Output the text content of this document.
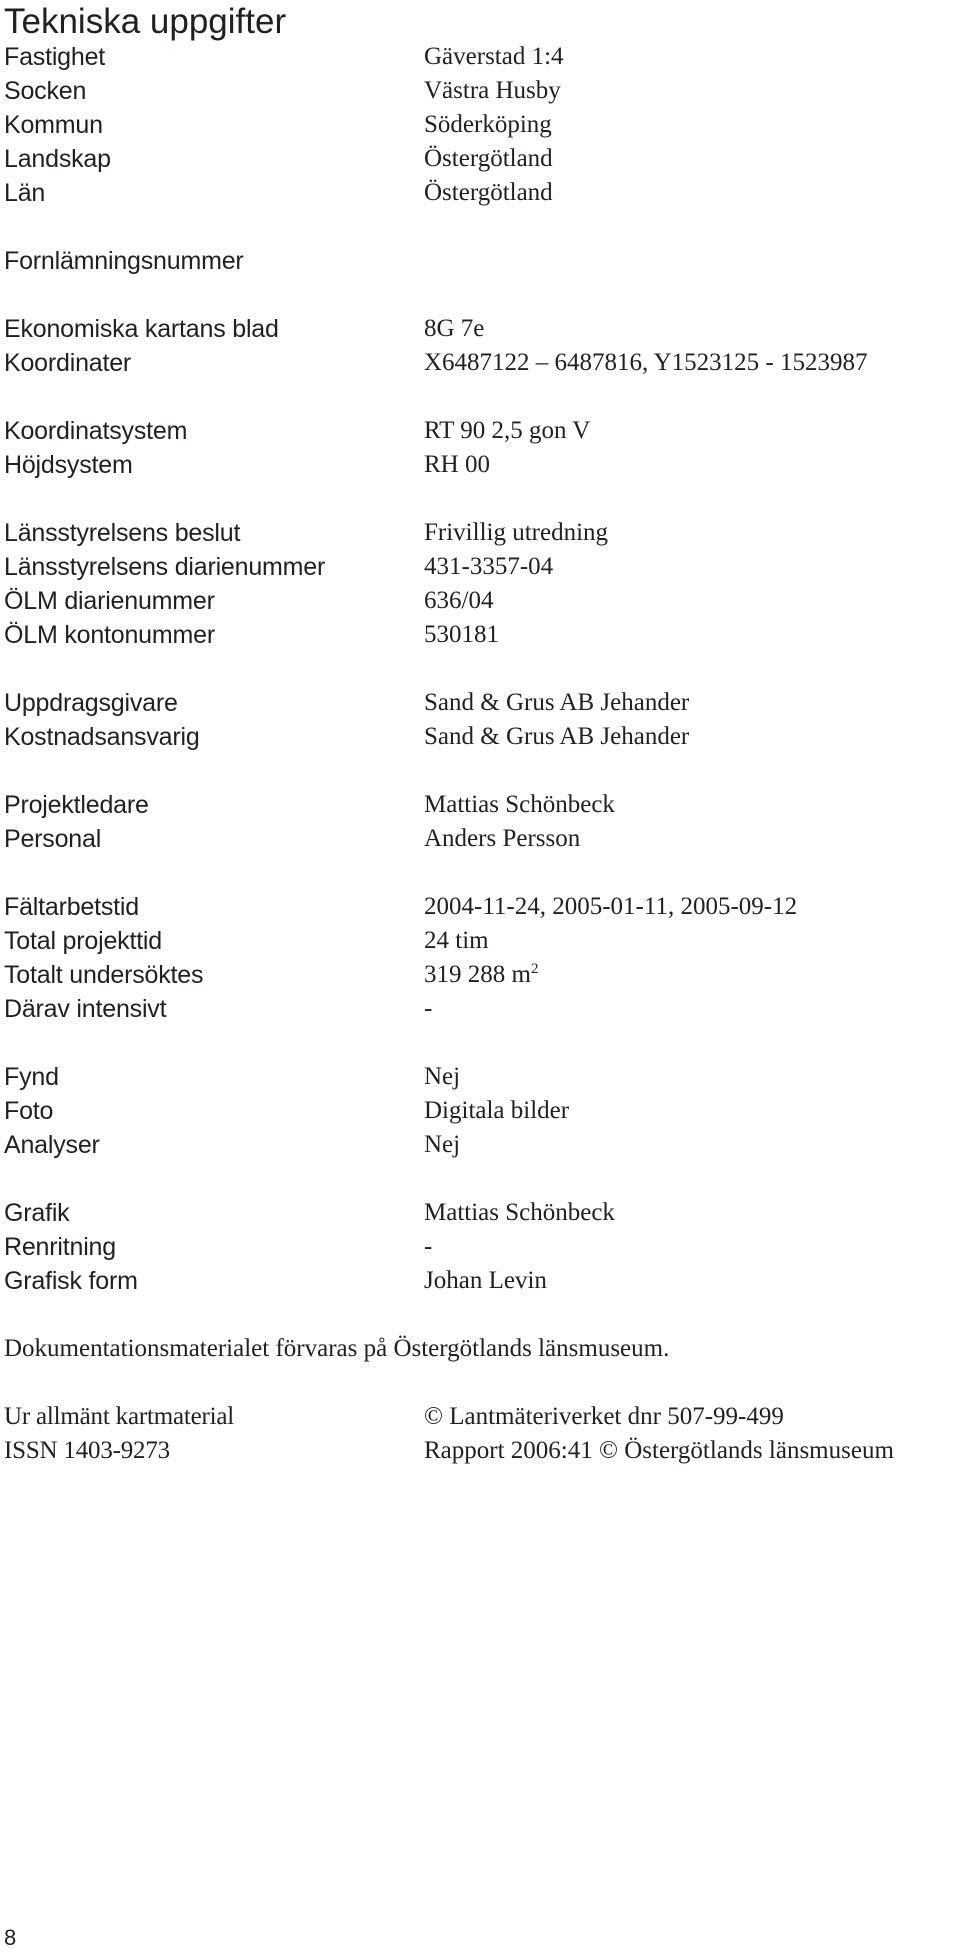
Tekniska uppgifter
Fastighet	Gäverstad 1:4
Socken	Västra Husby
Kommun	Söderköping
Landskap	Östergötland
Län	Östergötland
Fornlämningsnummer
Ekonomiska kartans blad	8G 7e
Koordinater	X6487122 – 6487816, Y1523125 - 1523987
Koordinatsystem	RT 90 2,5 gon V
Höjdsystem	RH 00
Länsstyrelsens beslut	Frivillig utredning
Länsstyrelsens diarienummer	431-3357-04
ÖLM diarienummer	636/04
ÖLM kontonummer	530181
Uppdragsgivare	Sand & Grus AB Jehander
Kostnadsansvarig	Sand & Grus AB Jehander
Projektledare	Mattias Schönbeck
Personal	Anders Persson
Fältarbetstid	2004-11-24, 2005-01-11, 2005-09-12
Total projekttid	24 tim
Totalt undersöktes	319 288 $m^2$
Därav intensivt	-
Fynd	Nej
Foto	Digitala bilder
Analyser	Nej
Grafik	Mattias Schönbeck
Renritning	-
Grafisk form	Johan Levin
Dokumentationsmaterialet förvaras på Östergötlands länsmuseum.
Ur allmänt kartmaterial	© Lantmäteriverket dnr 507-99-499
ISSN 1403-9273	Rapport 2006:41 © Östergötlands länsmuseum
8
